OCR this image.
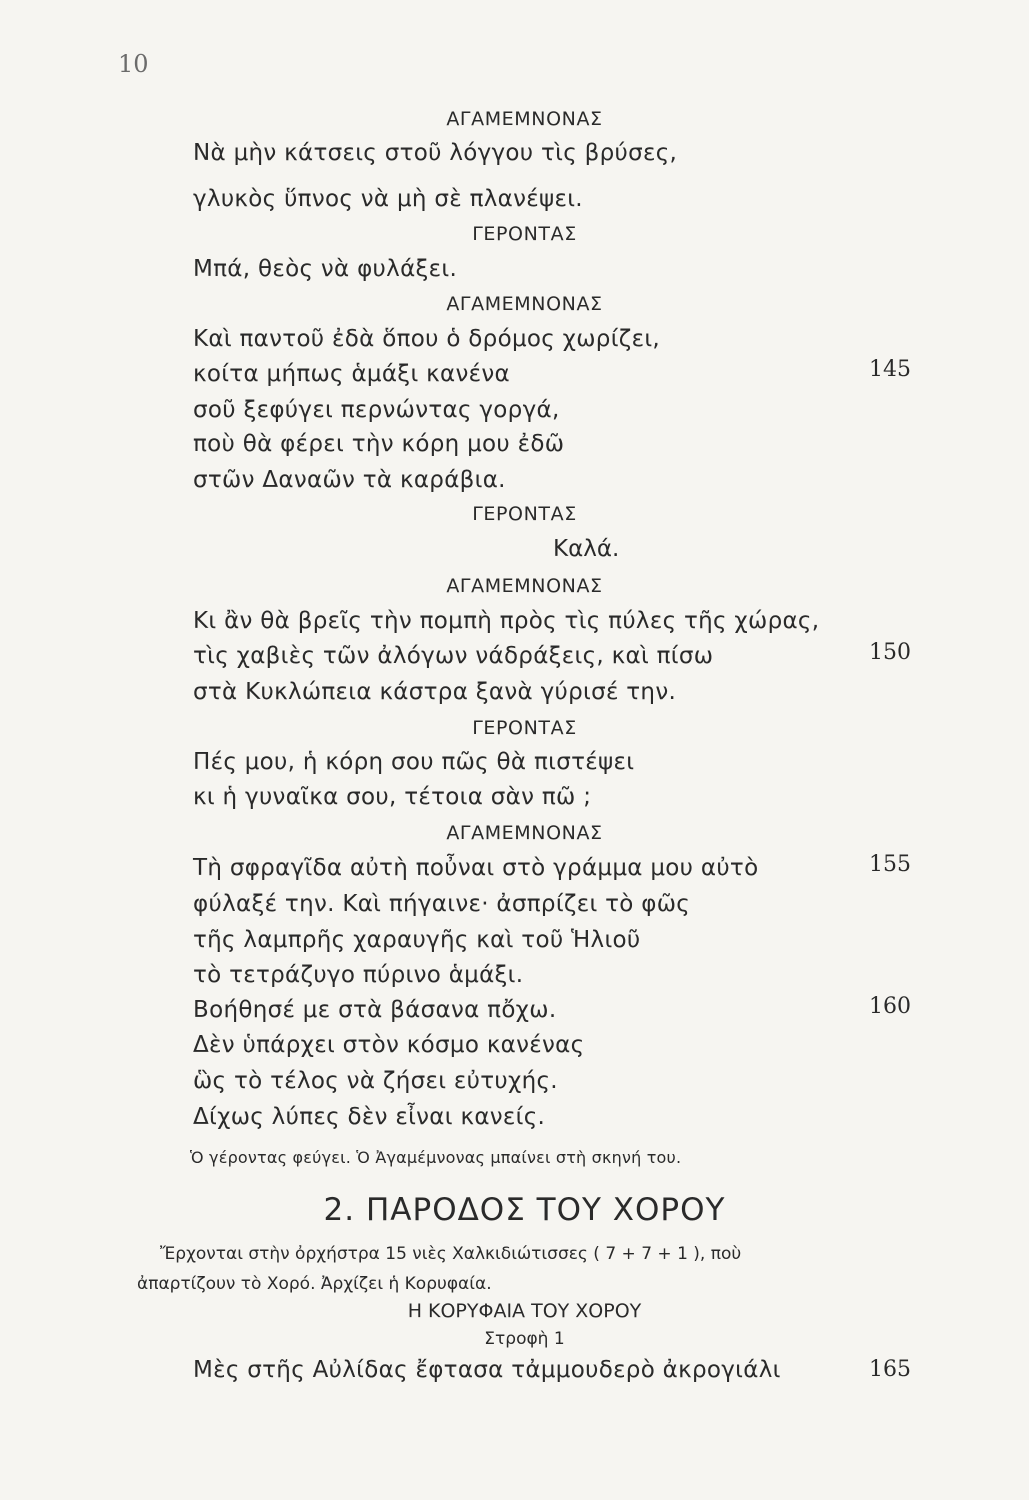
10
ΑΓΑΜΕΜΝΟΝΑΣ
Νὰ μὴν κάτσεις στοῦ λόγγου τὶς βρύσες,
γλυκὸς ὕπνος νὰ μὴ σὲ πλανέψει.
ΓΕΡΟΝΤΑΣ
Μπά, θεὸς νὰ φυλάξει.
ΑΓΑΜΕΜΝΟΝΑΣ
Καὶ παντοῦ ἐδὰ ὅπου ὁ δρόμος χωρίζει,
κοίτα μήπως ἁμάξι κανένα	145
σοῦ ξεφύγει περνώντας γοργά,
ποὺ θὰ φέρει τὴν κόρη μου ἐδῶ
στῶν Δαναῶν τὰ καράβια.
ΓΕΡΟΝΤΑΣ
Καλά.
ΑΓΑΜΕΜΝΟΝΑΣ
Κι ἂν θὰ βρεῖς τὴν πομπὴ πρὸς τὶς πύλες τῆς χώρας,
τὶς χαβιὲς τῶν ἀλόγων νάδράξεις, καὶ πίσω	150
στὰ Κυκλώπεια κάστρα ξανὰ γύρισέ την.
ΓΕΡΟΝΤΑΣ
Πές μου, ἡ κόρη σου πῶς θὰ πιστέψει
κι ἡ γυναῖκα σου, τέτοια σὰν πῶ ;
ΑΓΑΜΕΜΝΟΝΑΣ
Τὴ σφραγῖδα αὐτὴ ποὖναι στὸ γράμμα μου αὐτὸ	155
φύλαξέ την. Καὶ πήγαινε· ἀσπρίζει τὸ φῶς
τῆς λαμπρῆς χαραυγῆς καὶ τοῦ Ἡλιοῦ
τὸ τετράζυγο πύρινο ἁμάξι.
Βοήθησέ με στὰ βάσανα πὄχω.	160
Δὲν ὑπάρχει στὸν κόσμο κανένας
ὣς τὸ τέλος νὰ ζήσει εὐτυχής.
Δίχως λύπες δὲν εἶναι κανείς.
Ὁ γέροντας φεύγει. Ὁ Ἀγαμέμνονας μπαίνει στὴ σκηνή του.
2. ΠΑΡΟΔΟΣ ΤΟΥ ΧΟΡΟΥ
Ἔρχονται στὴν ὀρχήστρα 15 νιὲς Χαλκιδιώτισσες ( 7 + 7 + 1 ), ποὺ
ἀπαρτίζουν τὸ Χορό. Ἀρχίζει ἡ Κορυφαία.
Η ΚΟΡΥΦΑΙΑ ΤΟΥ ΧΟΡΟΥ
Στροφὴ 1
Μὲς στῆς Αὐλίδας ἔφτασα τἀμμουδερὸ ἀκρογιάλι	165
